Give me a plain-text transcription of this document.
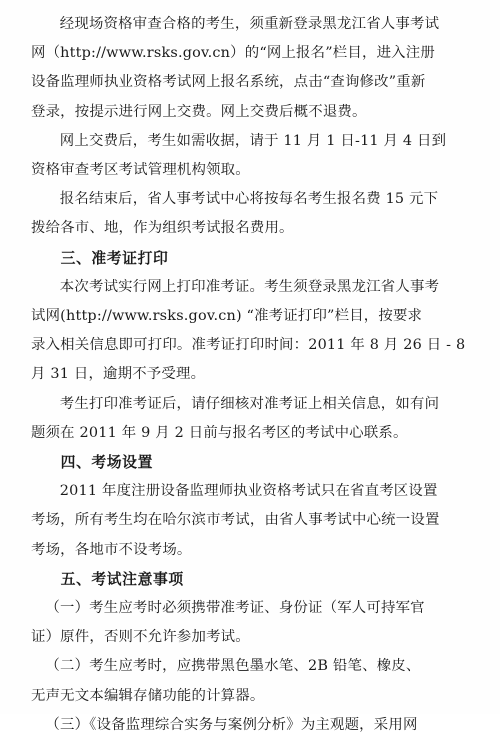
经现场资格审查合格的考生，须重新登录黑龙江省人事考试
网（http://www.rsks.gov.cn）的“网上报名”栏目，进入注册
设备监理师执业资格考试网上报名系统，点击“查询修改”重新
登录，按提示进行网上交费。网上交费后概不退费。

网上交费后，考生如需收据，请于 11 月 1 日-11 月 4 日到
资格审查考区考试管理机构领取。

报名结束后，省人事考试中心将按每名考生报名费 15 元下
拨给各市、地，作为组织考试报名费用。

三、准考证打印

本次考试实行网上打印准考证。考生须登录黑龙江省人事考
试网(http://www.rsks.gov.cn) “准考证打印”栏目，按要求
录入相关信息即可打印。准考证打印时间：2011 年 8 月 26 日 - 8
月 31 日，逾期不予受理。

考生打印准考证后，请仔细核对准考证上相关信息，如有问
题须在 2011 年 9 月 2 日前与报名考区的考试中心联系。

四、考场设置

2011 年度注册设备监理师执业资格考试只在省直考区设置
考场，所有考生均在哈尔滨市考试，由省人事考试中心统一设置
考场，各地市不设考场。

五、考试注意事项

（一）考生应考时必须携带准考证、身份证（军人可持军官
证）原件，否则不允许参加考试。

（二）考生应考时，应携带黑色墨水笔、2B 铅笔、橡皮、
无声无文本编辑存储功能的计算器。

（三）《设备监理综合实务与案例分析》为主观题，采用网
